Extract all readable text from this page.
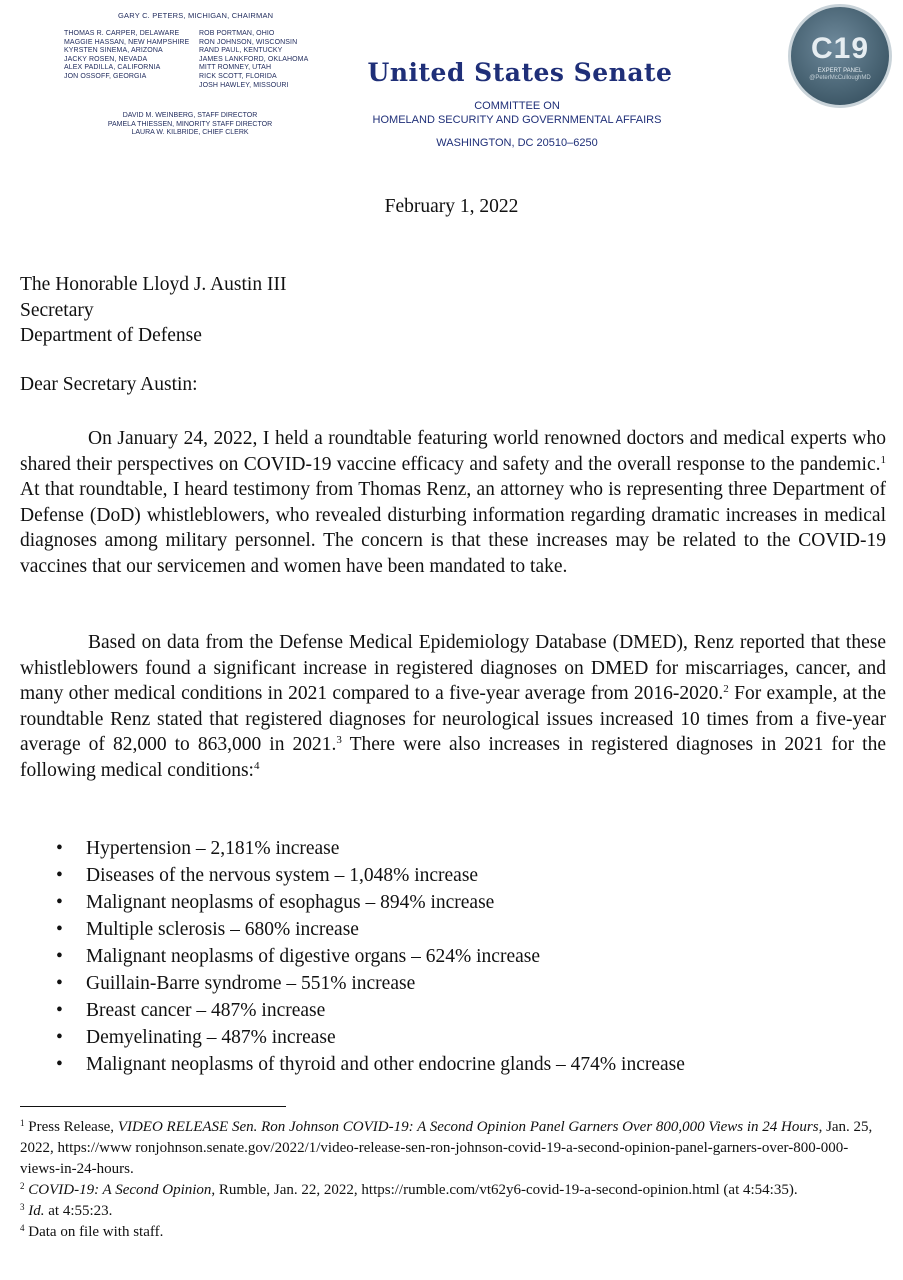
GARY C. PETERS, MICHIGAN, CHAIRMAN
THOMAS R. CARPER, DELAWARE
MAGGIE HASSAN, NEW HAMPSHIRE
KYRSTEN SINEMA, ARIZONA
JACKY ROSEN, NEVADA
ALEX PADILLA, CALIFORNIA
JON OSSOFF, GEORGIA
ROB PORTMAN, OHIO
RON JOHNSON, WISCONSIN
RAND PAUL, KENTUCKY
JAMES LANKFORD, OKLAHOMA
MITT ROMNEY, UTAH
RICK SCOTT, FLORIDA
JOSH HAWLEY, MISSOURI
DAVID M. WEINBERG, STAFF DIRECTOR
PAMELA THIESSEN, MINORITY STAFF DIRECTOR
LAURA W. KILBRIDE, CHIEF CLERK
United States Senate
COMMITTEE ON
HOMELAND SECURITY AND GOVERNMENTAL AFFAIRS
WASHINGTON, DC 20510–6250
C19
EXPERT PANEL
@PeterMcCulloughMD
February 1, 2022
The Honorable Lloyd J. Austin III
Secretary
Department of Defense
Dear Secretary Austin:

On January 24, 2022, I held a roundtable featuring world renowned doctors and medical experts who shared their perspectives on COVID-19 vaccine efficacy and safety and the overall response to the pandemic.$^1$ At that roundtable, I heard testimony from Thomas Renz, an attorney who is representing three Department of Defense (DoD) whistleblowers, who revealed disturbing information regarding dramatic increases in medical diagnoses among military personnel. The concern is that these increases may be related to the COVID-19 vaccines that our servicemen and women have been mandated to take.

Based on data from the Defense Medical Epidemiology Database (DMED), Renz reported that these whistleblowers found a significant increase in registered diagnoses on DMED for miscarriages, cancer, and many other medical conditions in 2021 compared to a five-year average from 2016-2020.$^2$ For example, at the roundtable Renz stated that registered diagnoses for neurological issues increased 10 times from a five-year average of 82,000 to 863,000 in 2021.$^3$ There were also increases in registered diagnoses in 2021 for the following medical conditions:$^4$

• Hypertension – 2,181% increase
• Diseases of the nervous system – 1,048% increase
• Malignant neoplasms of esophagus – 894% increase
• Multiple sclerosis – 680% increase
• Malignant neoplasms of digestive organs – 624% increase
• Guillain-Barre syndrome – 551% increase
• Breast cancer – 487% increase
• Demyelinating – 487% increase
• Malignant neoplasms of thyroid and other endocrine glands – 474% increase

$^1$ Press Release, VIDEO RELEASE Sen. Ron Johnson COVID-19: A Second Opinion Panel Garners Over 800,000 Views in 24 Hours, Jan. 25, 2022, https://www ronjohnson.senate.gov/2022/1/video-release-sen-ron-johnson-covid-19-a-second-opinion-panel-garners-over-800-000-views-in-24-hours.

$^2$ COVID-19: A Second Opinion, Rumble, Jan. 22, 2022, https://rumble.com/vt62y6-covid-19-a-second-opinion.html (at 4:54:35).

$^3$ Id. at 4:55:23.

$^4$ Data on file with staff.
